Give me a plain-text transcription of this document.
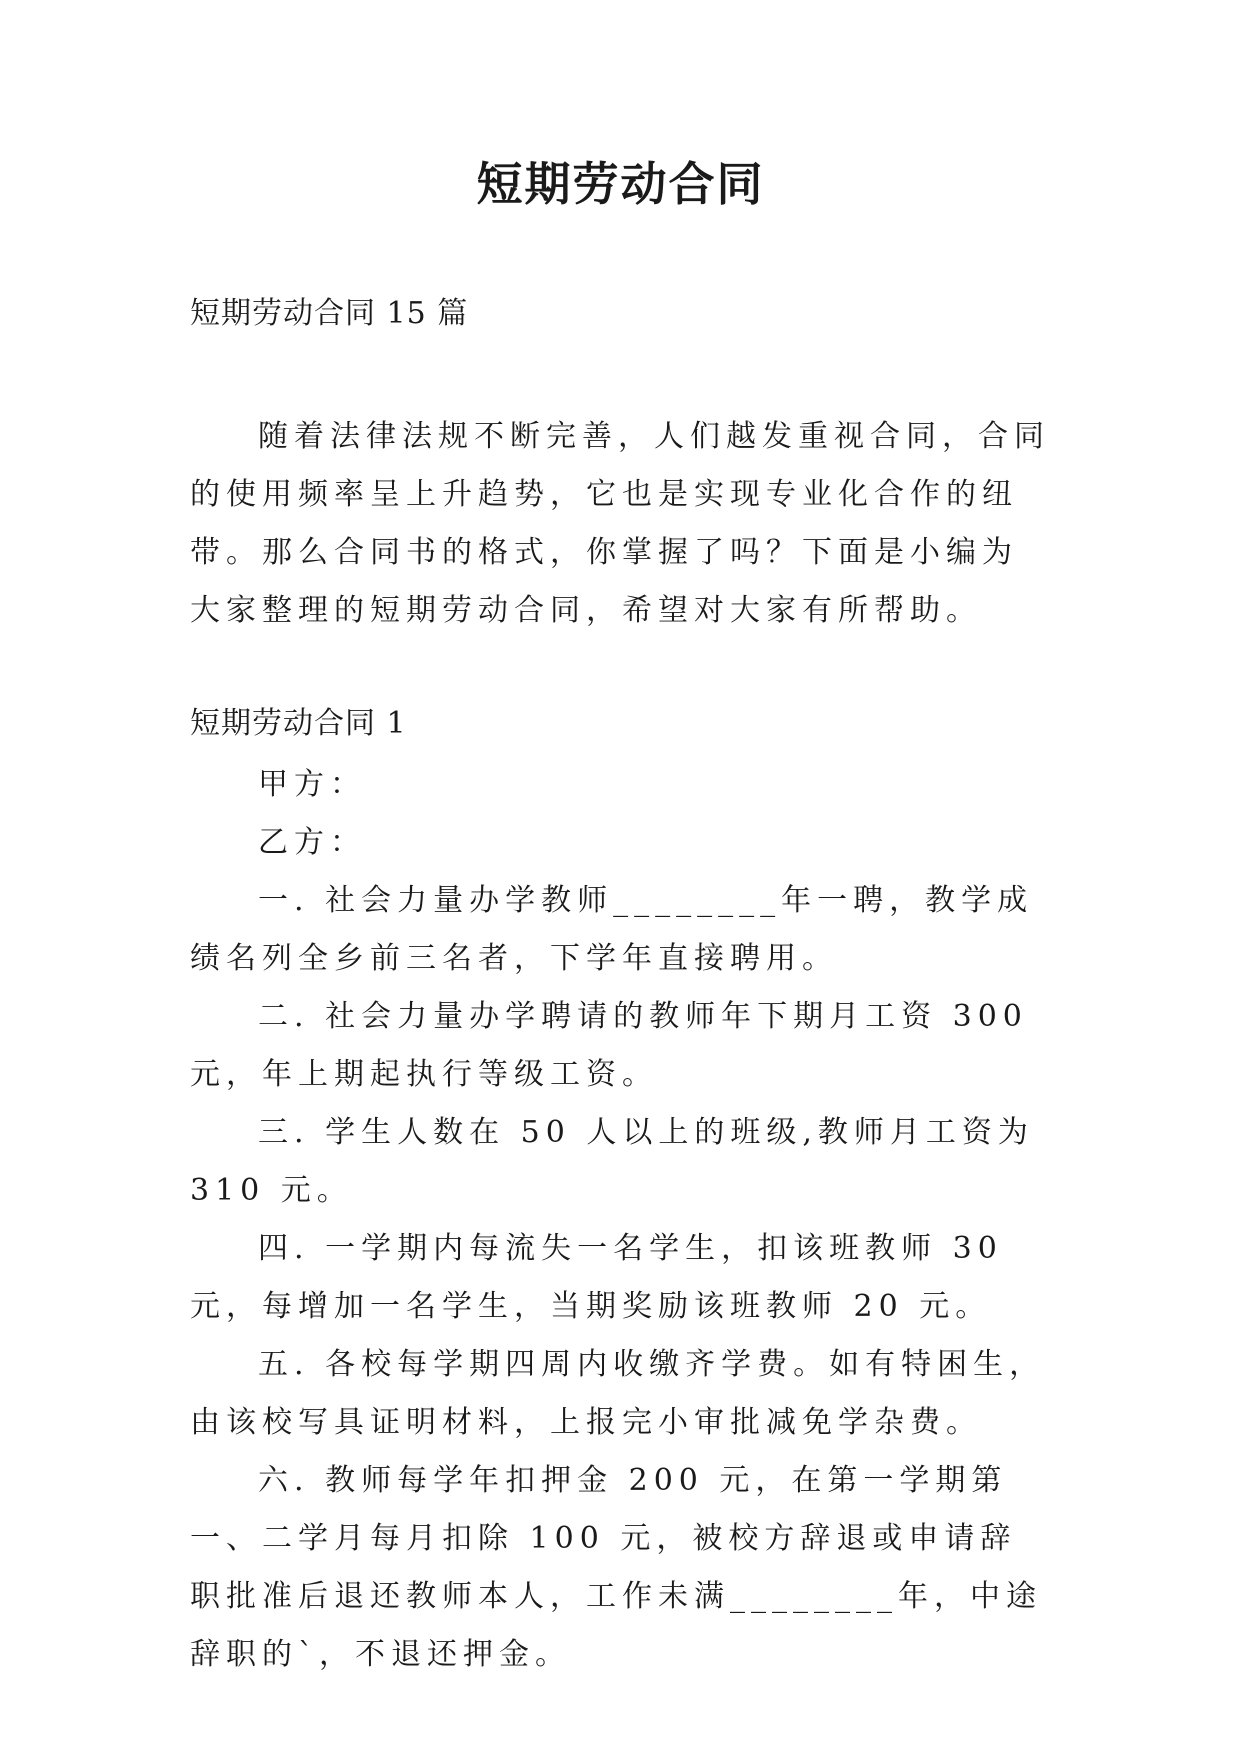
短期劳动合同
短期劳动合同 15 篇

随着法律法规不断完善，人们越发重视合同，合同的使用频率呈上升趋势，它也是实现专业化合作的纽带。那么合同书的格式，你掌握了吗？下面是小编为大家整理的短期劳动合同，希望对大家有所帮助。

短期劳动合同 1

甲方：

乙方：

一. 社会力量办学教师________年一聘，教学成绩名列全乡前三名者，下学年直接聘用。

二. 社会力量办学聘请的教师年下期月工资 300 元，年上期起执行等级工资。

三. 学生人数在 50 人以上的班级,教师月工资为 310 元。

四. 一学期内每流失一名学生，扣该班教师 30 元，每增加一名学生，当期奖励该班教师 20 元。

五. 各校每学期四周内收缴齐学费。如有特困生，由该校写具证明材料，上报完小审批减免学杂费。

六. 教师每学年扣押金 200 元，在第一学期第一、二学月每月扣除 100 元，被校方辞退或申请辞职批准后退还教师本人，工作未满________年，中途辞职的`，不退还押金。
